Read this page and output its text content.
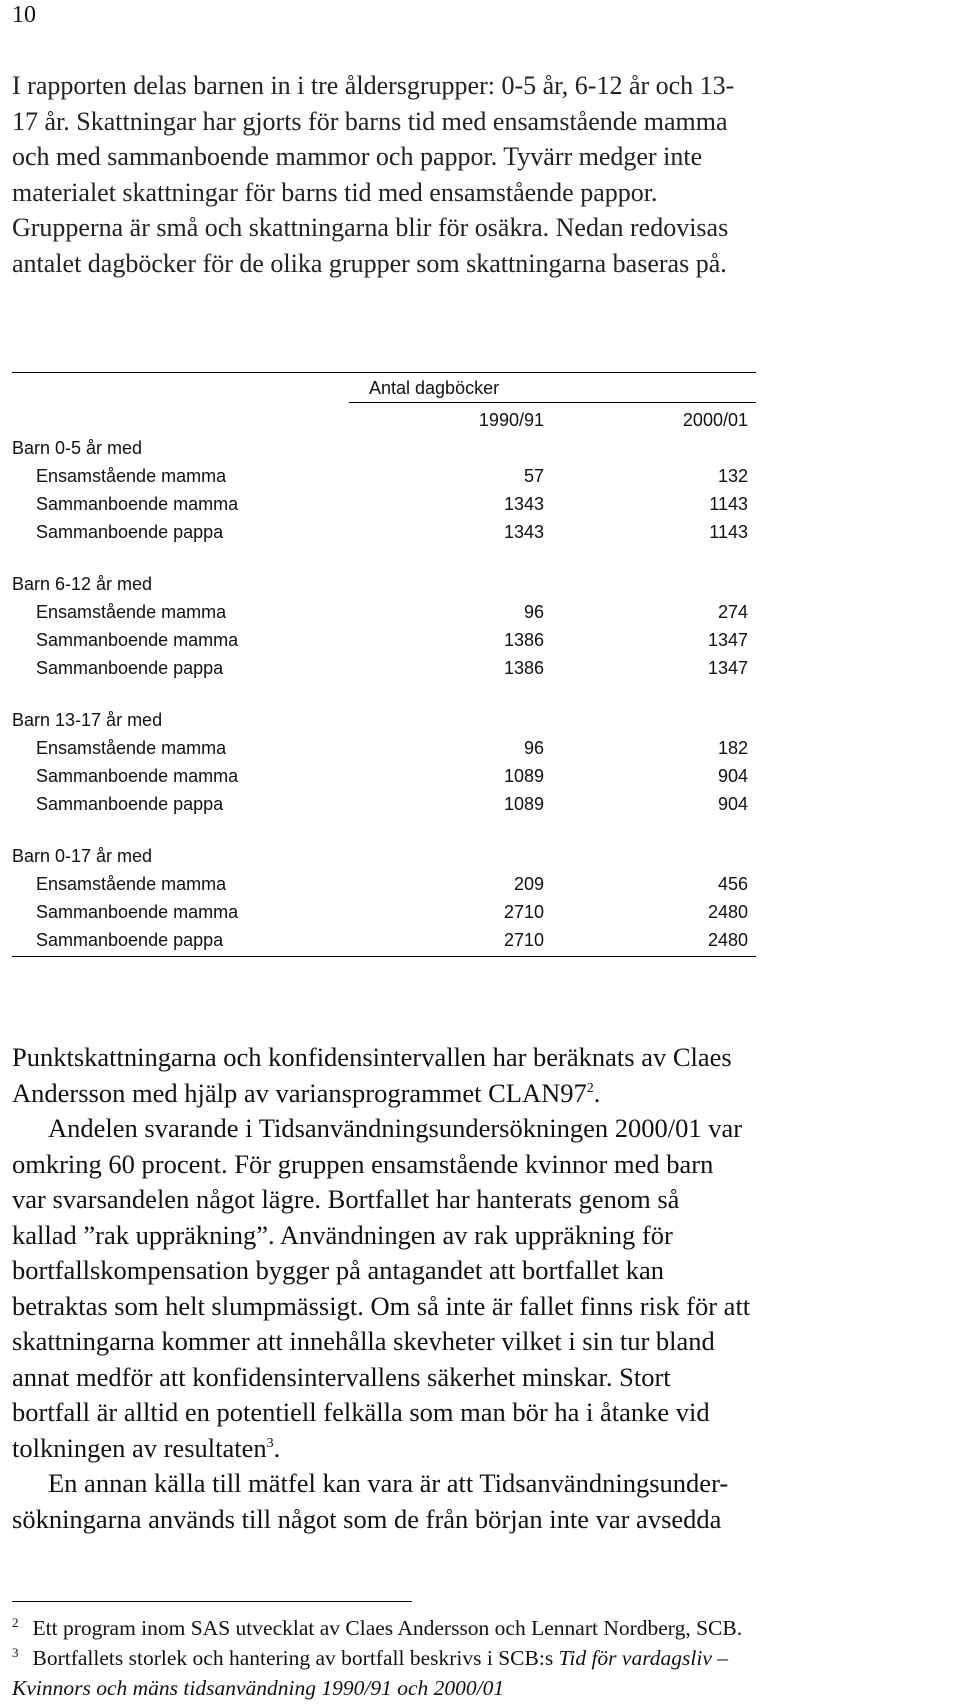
10
I rapporten delas barnen in i tre åldersgrupper: 0-5 år, 6-12 år och 13-
17 år. Skattningar har gjorts för barns tid med ensamstående mamma
och med sammanboende mammor och pappor. Tyvärr medger inte
materialet skattningar för barns tid med ensamstående pappor.
Grupperna är små och skattningarna blir för osäkra. Nedan redovisas
antalet dagböcker för de olika grupper som skattningarna baseras på.
Antal dagböcker
1990/91	2000/01
Barn 0-5 år med
Ensamstående mamma	57	132
Sammanboende mamma	1343	1143
Sammanboende pappa	1343	1143
Barn 6-12 år med
Ensamstående mamma	96	274
Sammanboende mamma	1386	1347
Sammanboende pappa	1386	1347
Barn 13-17 år med
Ensamstående mamma	96	182
Sammanboende mamma	1089	904
Sammanboende pappa	1089	904
Barn 0-17 år med
Ensamstående mamma	209	456
Sammanboende mamma	2710	2480
Sammanboende pappa	2710	2480
Punktskattningarna och konfidensintervallen har beräknats av Claes
Andersson med hjälp av variansprogrammet $CLAN97^2$.
Andelen svarande i Tidsanvändningsundersökningen 2000/01 var
omkring 60 procent. För gruppen ensamstående kvinnor med barn
var svarsandelen något lägre. Bortfallet har hanterats genom så
kallad ”rak uppräkning”. Användningen av rak uppräkning för
bortfallskompensation bygger på antagandet att bortfallet kan
betraktas som helt slumpmässigt. Om så inte är fallet finns risk för att
skattningarna kommer att innehålla skevheter vilket i sin tur bland
annat medför att konfidensintervallens säkerhet minskar. Stort
bortfall är alltid en potentiell felkälla som man bör ha i åtanke vid
tolkningen av resultaten$^3$.
En annan källa till mätfel kan vara är att Tidsanvändningsunder-
sökningarna används till något som de från början inte var avsedda
$^2$ Ett program inom SAS utvecklat av Claes Andersson och Lennart Nordberg, SCB.
$^3$ Bortfallets storlek och hantering av bortfall beskrivs i SCB:s Tid för vardagsliv –
Kvinnors och mäns tidsanvändning 1990/91 och 2000/01
